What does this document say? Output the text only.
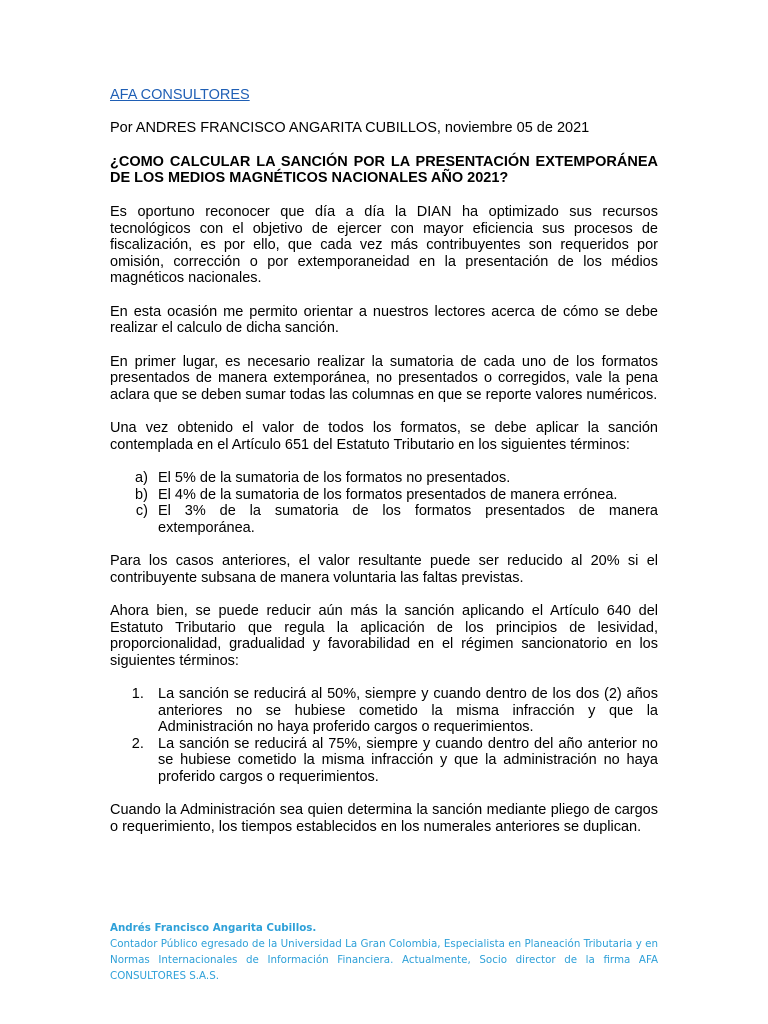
AFA CONSULTORES
Por ANDRES FRANCISCO ANGARITA CUBILLOS, noviembre 05 de 2021
¿COMO CALCULAR LA SANCIÓN POR LA PRESENTACIÓN EXTEMPORÁNEA DE LOS MEDIOS MAGNÉTICOS NACIONALES AÑO 2021?

Es oportuno reconocer que día a día la DIAN ha optimizado sus recursos tecnológicos con el objetivo de ejercer con mayor eficiencia sus procesos de fiscalización, es por ello, que cada vez más contribuyentes son requeridos por omisión, corrección o por extemporaneidad en la presentación de los médios magnéticos nacionales.

En esta ocasión me permito orientar a nuestros lectores acerca de cómo se debe realizar el calculo de dicha sanción.

En primer lugar, es necesario realizar la sumatoria de cada uno de los formatos presentados de manera extemporánea, no presentados o corregidos, vale la pena aclara que se deben sumar todas las columnas en que se reporte valores numéricos.

Una vez obtenido el valor de todos los formatos, se debe aplicar la sanción contemplada en el Artículo 651 del Estatuto Tributario en los siguientes términos:

a. El 5% de la sumatoria de los formatos no presentados.
b. El 4% de la sumatoria de los formatos presentados de manera errónea.
c. El 3% de la sumatoria de los formatos presentados de manera extemporánea.

Para los casos anteriores, el valor resultante puede ser reducido al 20% si el contribuyente subsana de manera voluntaria las faltas previstas.

Ahora bien, se puede reducir aún más la sanción aplicando el Artículo 640 del Estatuto Tributario que regula la aplicación de los principios de lesividad, proporcionalidad, gradualidad y favorabilidad en el régimen sancionatorio en los siguientes términos:

1. La sanción se reducirá al 50%, siempre y cuando dentro de los dos (2) años anteriores no se hubiese cometido la misma infracción y que la Administración no haya proferido cargos o requerimientos.
2. La sanción se reducirá al 75%, siempre y cuando dentro del año anterior no se hubiese cometido la misma infracción y que la administración no haya proferido cargos o requerimientos.

Cuando la Administración sea quien determina la sanción mediante pliego de cargos o requerimiento, los tiempos establecidos en los numerales anteriores se duplican.

Andrés Francisco Angarita Cubillos.
Contador Público egresado de la Universidad La Gran Colombia, Especialista en Planeación Tributaria y en Normas Internacionales de Información Financiera. Actualmente, Socio director de la firma AFA CONSULTORES S.A.S.
